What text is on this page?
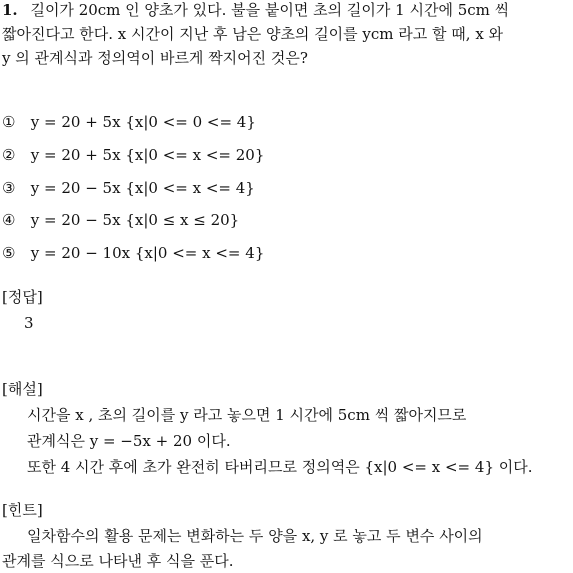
1. 길이가 20cm 인 양초가 있다. 불을 붙이면 초의 길이가 1 시간에 5cm 씩
짧아진다고 한다. x 시간이 지난 후 남은 양초의 길이를 ycm 라고 할 때, x 와
y 의 관계식과 정의역이 바르게 짝지어진 것은?
① y = 20 + 5x {x|0 <= 0 <= 4}
② y = 20 + 5x {x|0 <= x <= 20}
③ y = 20 − 5x {x|0 <= x <= 4}
④ y = 20 − 5x {x|0 ≤ x ≤ 20}
⑤ y = 20 − 10x {x|0 <= x <= 4}
[정답]
3
[해설]
시간을 x , 초의 길이를 y 라고 놓으면 1 시간에 5cm 씩 짧아지므로
관계식은 y = −5x + 20 이다.
또한 4 시간 후에 초가 완전히 타버리므로 정의역은 {x|0 <= x <= 4} 이다.
[힌트]
일차함수의 활용 문제는 변화하는 두 양을 x, y 로 놓고 두 변수 사이의
관계를 식으로 나타낸 후 식을 푼다.
